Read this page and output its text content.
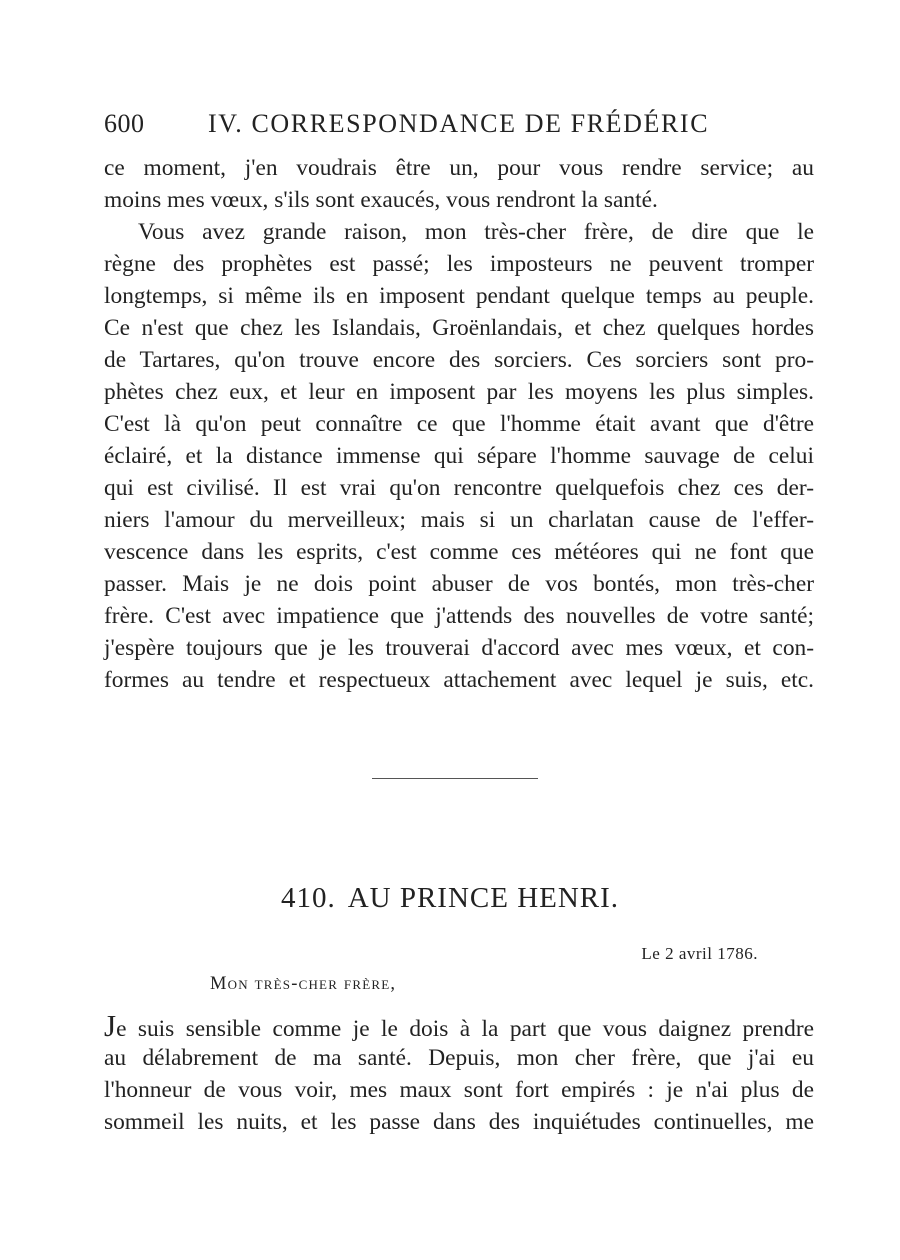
600 IV. CORRESPONDANCE DE FRÉDÉRIC
ce moment, j'en voudrais être un, pour vous rendre service; au
moins mes vœux, s'ils sont exaucés, vous rendront la santé.
Vous avez grande raison, mon très-cher frère, de dire que le
règne des prophètes est passé; les imposteurs ne peuvent tromper
longtemps, si même ils en imposent pendant quelque temps au peuple.
Ce n'est que chez les Islandais, Groënlandais, et chez quelques hordes
de Tartares, qu'on trouve encore des sorciers. Ces sorciers sont pro-
phètes chez eux, et leur en imposent par les moyens les plus simples.
C'est là qu'on peut connaître ce que l'homme était avant que d'être
éclairé, et la distance immense qui sépare l'homme sauvage de celui
qui est civilisé. Il est vrai qu'on rencontre quelquefois chez ces der-
niers l'amour du merveilleux; mais si un charlatan cause de l'effer-
vescence dans les esprits, c'est comme ces météores qui ne font que
passer. Mais je ne dois point abuser de vos bontés, mon très-cher
frère. C'est avec impatience que j'attends des nouvelles de votre santé;
j'espère toujours que je les trouverai d'accord avec mes vœux, et con-
formes au tendre et respectueux attachement avec lequel je suis, etc.
410. AU PRINCE HENRI.
Le 2 avril 1786.
Mon très-cher frère,
Je suis sensible comme je le dois à la part que vous daignez prendre
au délabrement de ma santé. Depuis, mon cher frère, que j'ai eu
l'honneur de vous voir, mes maux sont fort empirés : je n'ai plus de
sommeil les nuits, et les passe dans des inquiétudes continuelles, me
